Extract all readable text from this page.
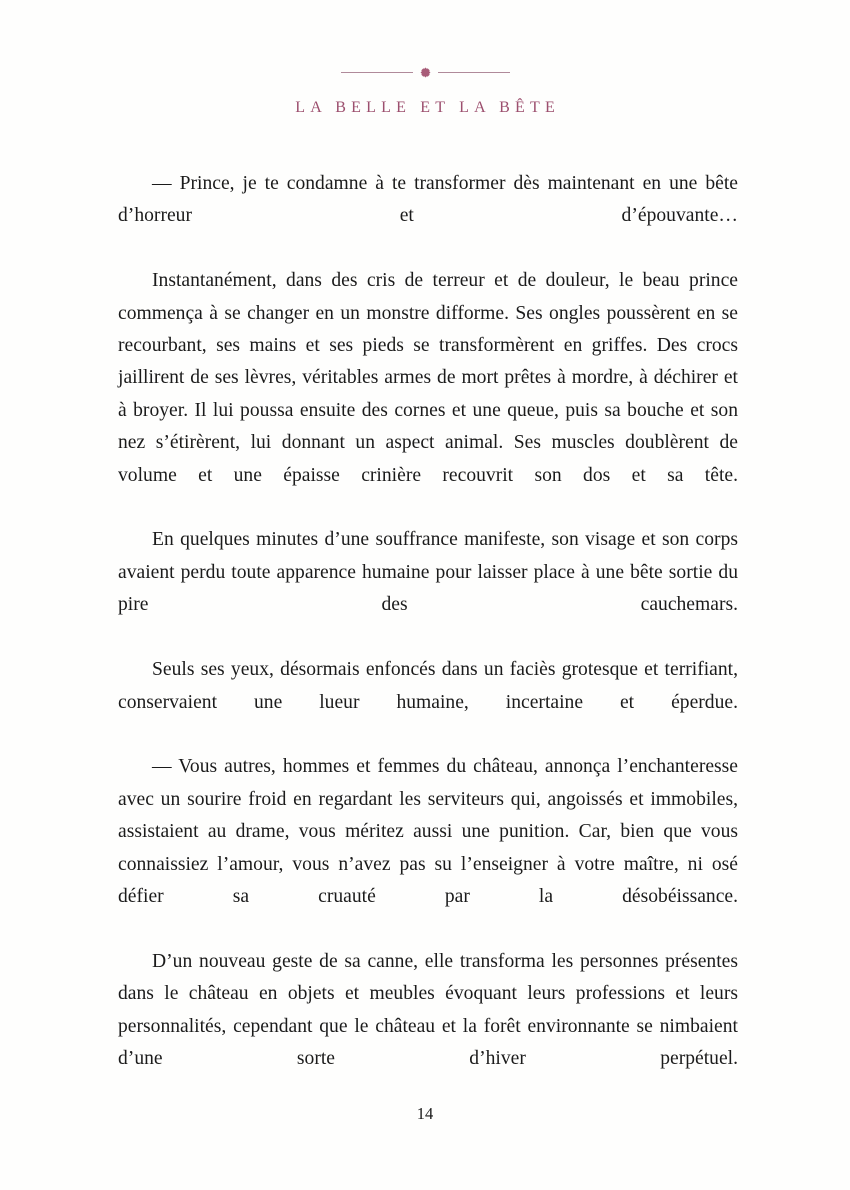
LA BELLE ET LA BÊTE

— Prince, je te condamne à te transformer dès maintenant en une bête d’horreur et d’épouvante…

Instantanément, dans des cris de terreur et de douleur, le beau prince commença à se changer en un monstre difforme. Ses ongles poussèrent en se recourbant, ses mains et ses pieds se transformèrent en griffes. Des crocs jaillirent de ses lèvres, véritables armes de mort prêtes à mordre, à déchirer et à broyer. Il lui poussa ensuite des cornes et une queue, puis sa bouche et son nez s’étirèrent, lui donnant un aspect animal. Ses muscles doublèrent de volume et une épaisse crinière recouvrit son dos et sa tête.

En quelques minutes d’une souffrance manifeste, son visage et son corps avaient perdu toute apparence humaine pour laisser place à une bête sortie du pire des cauchemars.

Seuls ses yeux, désormais enfoncés dans un faciès grotesque et terrifiant, conservaient une lueur humaine, incertaine et éperdue.

— Vous autres, hommes et femmes du château, annonça l’enchanteresse avec un sourire froid en regardant les serviteurs qui, angoissés et immobiles, assistaient au drame, vous méritez aussi une punition. Car, bien que vous connaissiez l’amour, vous n’avez pas su l’enseigner à votre maître, ni osé défier sa cruauté par la désobéissance.

D’un nouveau geste de sa canne, elle transforma les personnes présentes dans le château en objets et meubles évoquant leurs professions et leurs personnalités, cependant que le château et la forêt environnante se nimbaient d’une sorte d’hiver perpétuel.

14
